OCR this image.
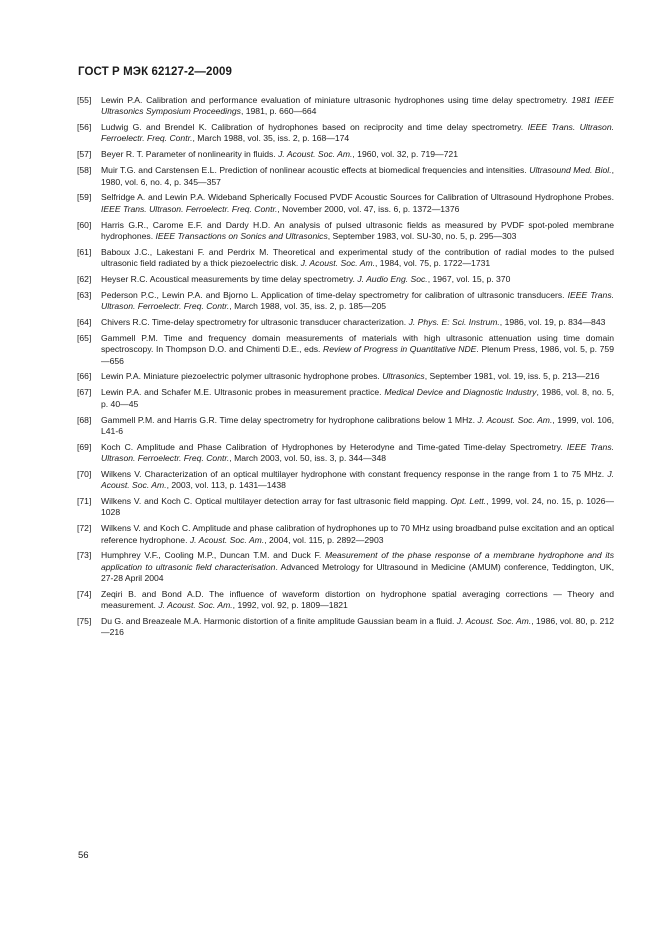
ГОСТ Р МЭК 62127-2—2009
[55]	Lewin P.A. Calibration and performance evaluation of miniature ultrasonic hydrophones using time delay spectrometry. 1981 IEEE Ultrasonics Symposium Proceedings, 1981, p. 660—664
[56]	Ludwig G. and Brendel K. Calibration of hydrophones based on reciprocity and time delay spectrometry. IEEE Trans. Ultrason. Ferroelectr. Freq. Contr., March 1988, vol. 35, iss. 2, p. 168—174
[57]	Beyer R. T. Parameter of nonlinearity in fluids. J. Acoust. Soc. Am., 1960, vol. 32, p. 719—721
[58]	Muir T.G. and Carstensen E.L. Prediction of nonlinear acoustic effects at biomedical frequencies and intensities. Ultrasound Med. Biol., 1980, vol. 6, no. 4, p. 345—357
[59]	Selfridge A. and Lewin P.A. Wideband Spherically Focused PVDF Acoustic Sources for Calibration of Ultrasound Hydrophone Probes. IEEE Trans. Ultrason. Ferroelectr. Freq. Contr., November 2000, vol. 47, iss. 6, p. 1372—1376
[60]	Harris G.R., Carome E.F. and Dardy H.D. An analysis of pulsed ultrasonic fields as measured by PVDF spot-poled membrane hydrophones. IEEE Transactions on Sonics and Ultrasonics, September 1983, vol. SU-30, no. 5, p. 295—303
[61]	Baboux J.C., Lakestani F. and Perdrix M. Theoretical and experimental study of the contribution of radial modes to the pulsed ultrasonic field radiated by a thick piezoelectric disk. J. Acoust. Soc. Am., 1984, vol. 75, p. 1722—1731
[62]	Heyser R.C. Acoustical measurements by time delay spectrometry. J. Audio Eng. Soc., 1967, vol. 15, p. 370
[63]	Pederson P.C., Lewin P.A. and Bjorno L. Application of time-delay spectrometry for calibration of ultrasonic transducers. IEEE Trans. Ultrason. Ferroelectr. Freq. Contr., March 1988, vol. 35, iss. 2, p. 185—205
[64]	Chivers R.C. Time-delay spectrometry for ultrasonic transducer characterization. J. Phys. E: Sci. Instrum., 1986, vol. 19, p. 834—843
[65]	Gammell P.M. Time and frequency domain measurements of materials with high ultrasonic attenuation using time domain spectroscopy. In Thompson D.O. and Chimenti D.E., eds. Review of Progress in Quantitative NDE. Plenum Press, 1986, vol. 5, p. 759—656
[66]	Lewin P.A. Miniature piezoelectric polymer ultrasonic hydrophone probes. Ultrasonics, September 1981, vol. 19, iss. 5, p. 213—216
[67]	Lewin P.A. and Schafer M.E. Ultrasonic probes in measurement practice. Medical Device and Diagnostic Industry, 1986, vol. 8, no. 5, p. 40—45
[68]	Gammell P.M. and Harris G.R. Time delay spectrometry for hydrophone calibrations below 1 MHz. J. Acoust. Soc. Am., 1999, vol. 106, L41-6
[69]	Koch C. Amplitude and Phase Calibration of Hydrophones by Heterodyne and Time-gated Time-delay Spectrometry. IEEE Trans. Ultrason. Ferroelectr. Freq. Contr., March 2003, vol. 50, iss. 3, p. 344—348
[70]	Wilkens V. Characterization of an optical multilayer hydrophone with constant frequency response in the range from 1 to 75 MHz. J. Acoust. Soc. Am., 2003, vol. 113, p. 1431—1438
[71]	Wilkens V. and Koch C. Optical multilayer detection array for fast ultrasonic field mapping. Opt. Lett., 1999, vol. 24, no. 15, p. 1026—1028
[72]	Wilkens V. and Koch C. Amplitude and phase calibration of hydrophones up to 70 MHz using broadband pulse excitation and an optical reference hydrophone. J. Acoust. Soc. Am., 2004, vol. 115, p. 2892—2903
[73]	Humphrey V.F., Cooling M.P., Duncan T.M. and Duck F. Measurement of the phase response of a membrane hydrophone and its application to ultrasonic field characterisation. Advanced Metrology for Ultrasound in Medicine (AMUM) conference, Teddington, UK, 27-28 April 2004
[74]	Zeqiri B. and Bond A.D. The influence of waveform distortion on hydrophone spatial averaging corrections — Theory and measurement. J. Acoust. Soc. Am., 1992, vol. 92, p. 1809—1821
[75]	Du G. and Breazeale M.A. Harmonic distortion of a finite amplitude Gaussian beam in a fluid. J. Acoust. Soc. Am., 1986, vol. 80, p. 212—216
56
